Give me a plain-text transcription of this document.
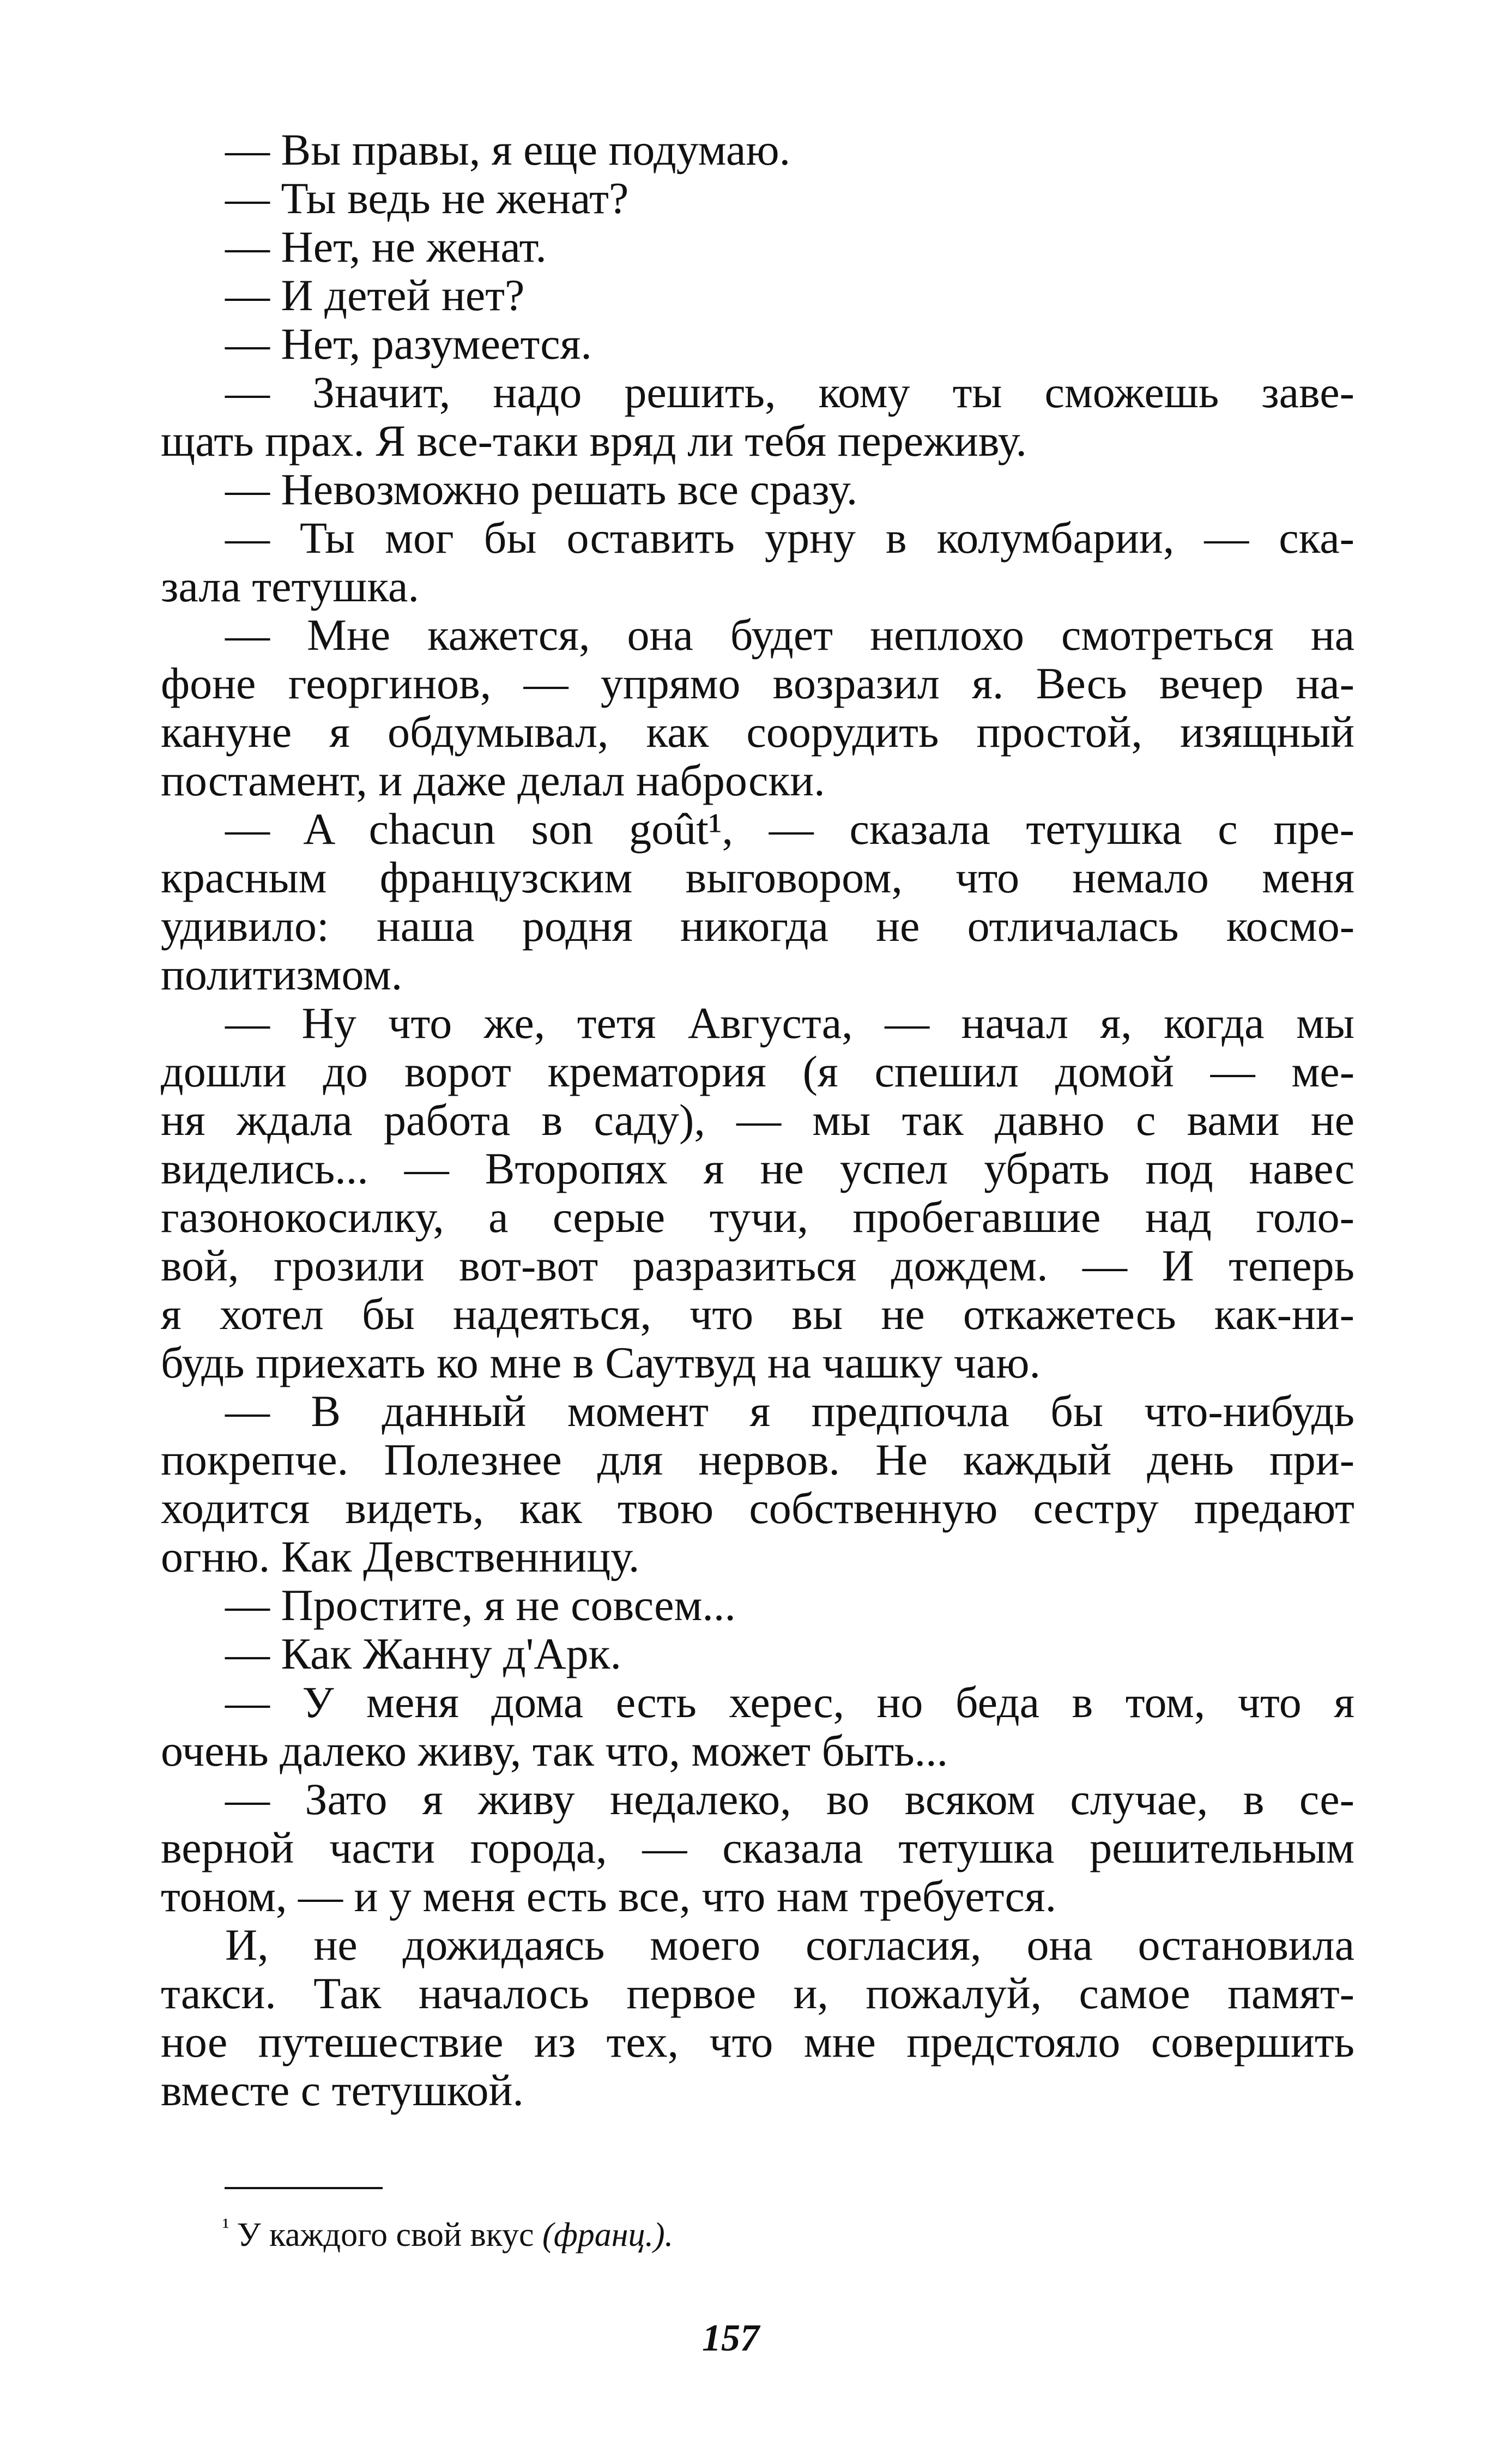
— Вы правы, я еще подумаю.
— Ты ведь не женат?
— Нет, не женат.
— И детей нет?
— Нет, разумеется.
— Значит, надо решить, кому ты сможешь заве-
щать прах. Я все-таки вряд ли тебя переживу.
— Невозможно решать все сразу.
— Ты мог бы оставить урну в колумбарии, — ска-
зала тетушка.
— Мне кажется, она будет неплохо смотреться на
фоне георгинов, — упрямо возразил я. Весь вечер на-
кануне я обдумывал, как соорудить простой, изящный
постамент, и даже делал наброски.
— A chacun son goût¹, — сказала тетушка с пре-
красным французским выговором, что немало меня
удивило: наша родня никогда не отличалась космо-
политизмом.
— Ну что же, тетя Августа, — начал я, когда мы
дошли до ворот крематория (я спешил домой — ме-
ня ждала работа в саду), — мы так давно с вами не
виделись... — Второпях я не успел убрать под навес
газонокосилку, а серые тучи, пробегавшие над голо-
вой, грозили вот-вот разразиться дождем. — И теперь
я хотел бы надеяться, что вы не откажетесь как-ни-
будь приехать ко мне в Саутвуд на чашку чаю.
— В данный момент я предпочла бы что-нибудь
покрепче. Полезнее для нервов. Не каждый день при-
ходится видеть, как твою собственную сестру предают
огню. Как Девственницу.
— Простите, я не совсем...
— Как Жанну д'Арк.
— У меня дома есть херес, но беда в том, что я
очень далеко живу, так что, может быть...
— Зато я живу недалеко, во всяком случае, в се-
верной части города, — сказала тетушка решительным
тоном, — и у меня есть все, что нам требуется.
И, не дожидаясь моего согласия, она остановила
такси. Так началось первое и, пожалуй, самое памят-
ное путешествие из тех, что мне предстояло совершить
вместе с тетушкой.
$^{^1}$ У каждого свой вкус (франц.).
157
